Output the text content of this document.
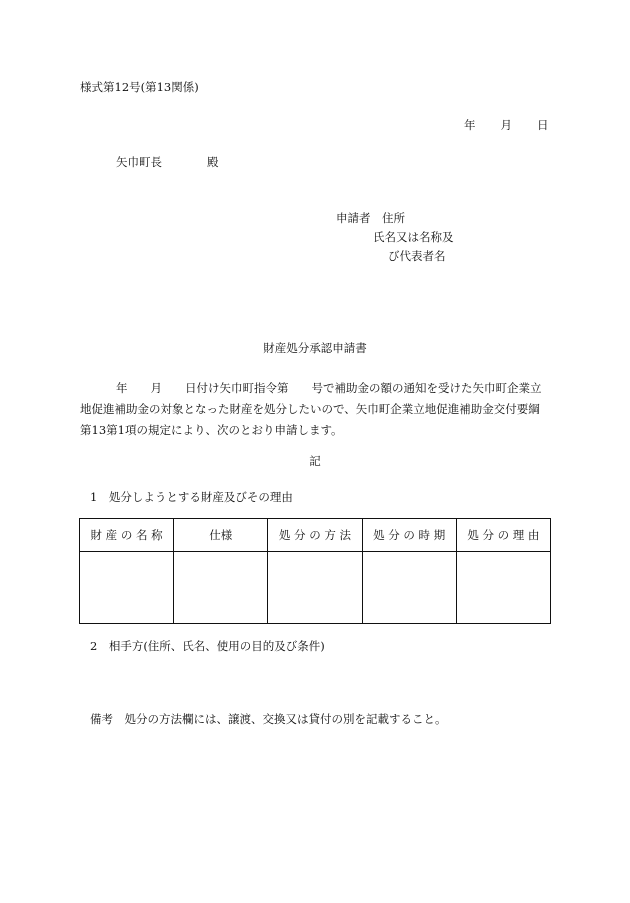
様式第12号(第13関係)
年 月 日
矢巾町長	殿
申請者 住所
氏名又は名称及
び代表者名
財産処分承認申請書

年　　月　　日付け矢巾町指令第　　号で補助金の額の通知を受けた矢巾町企業立

地促進補助金の対象となった財産を処分したいので、矢巾町企業立地促進補助金交付要綱

第13第1項の規定により、次のとおり申請します。

記
1　処分しようとする財産及びその理由
財 産 の 名 称	仕様	処 分 の 方 法	処 分 の 時 期	処 分 の 理 由

2　相手方(住所、氏名、使用の目的及び条件)
備考　処分の方法欄には、譲渡、交換又は貸付の別を記載すること。
